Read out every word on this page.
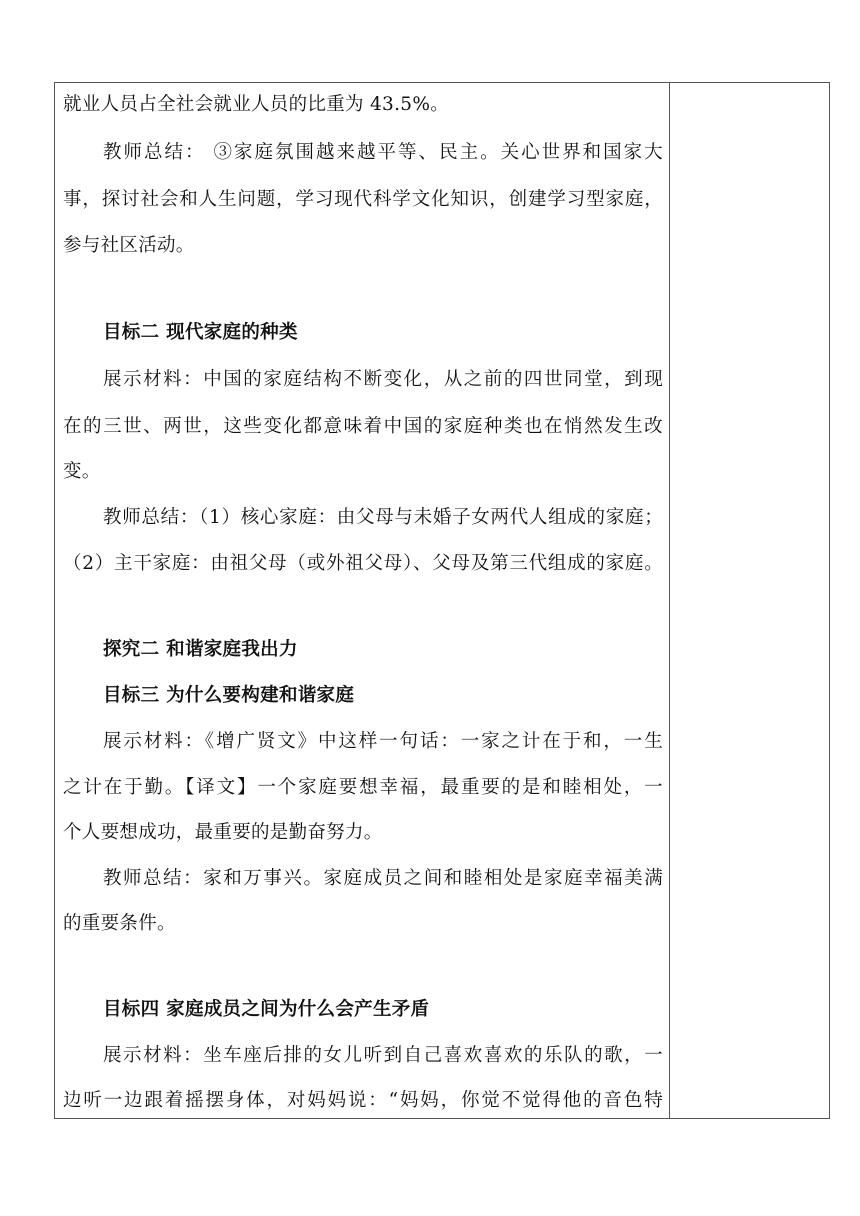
就业人员占全社会就业人员的比重为 43.5%。
教师总结： ③家庭氛围越来越平等、民主。关心世界和国家大
事，探讨社会和人生问题，学习现代科学文化知识，创建学习型家庭，
参与社区活动。
目标二 现代家庭的种类
展示材料：中国的家庭结构不断变化，从之前的四世同堂，到现
在的三世、两世，这些变化都意味着中国的家庭种类也在悄然发生改
变。
教师总结：（1）核心家庭：由父母与未婚子女两代人组成的家庭；
（2）主干家庭：由祖父母（或外祖父母）、父母及第三代组成的家庭。
探究二 和谐家庭我出力
目标三 为什么要构建和谐家庭
展示材料：《增广贤文》中这样一句话：一家之计在于和，一生
之计在于勤。【译文】一个家庭要想幸福，最重要的是和睦相处，一
个人要想成功，最重要的是勤奋努力。
教师总结：家和万事兴。家庭成员之间和睦相处是家庭幸福美满
的重要条件。
目标四 家庭成员之间为什么会产生矛盾
展示材料：坐车座后排的女儿听到自己喜欢喜欢的乐队的歌，一
边听一边跟着摇摆身体，对妈妈说：“妈妈，你觉不觉得他的音色特
